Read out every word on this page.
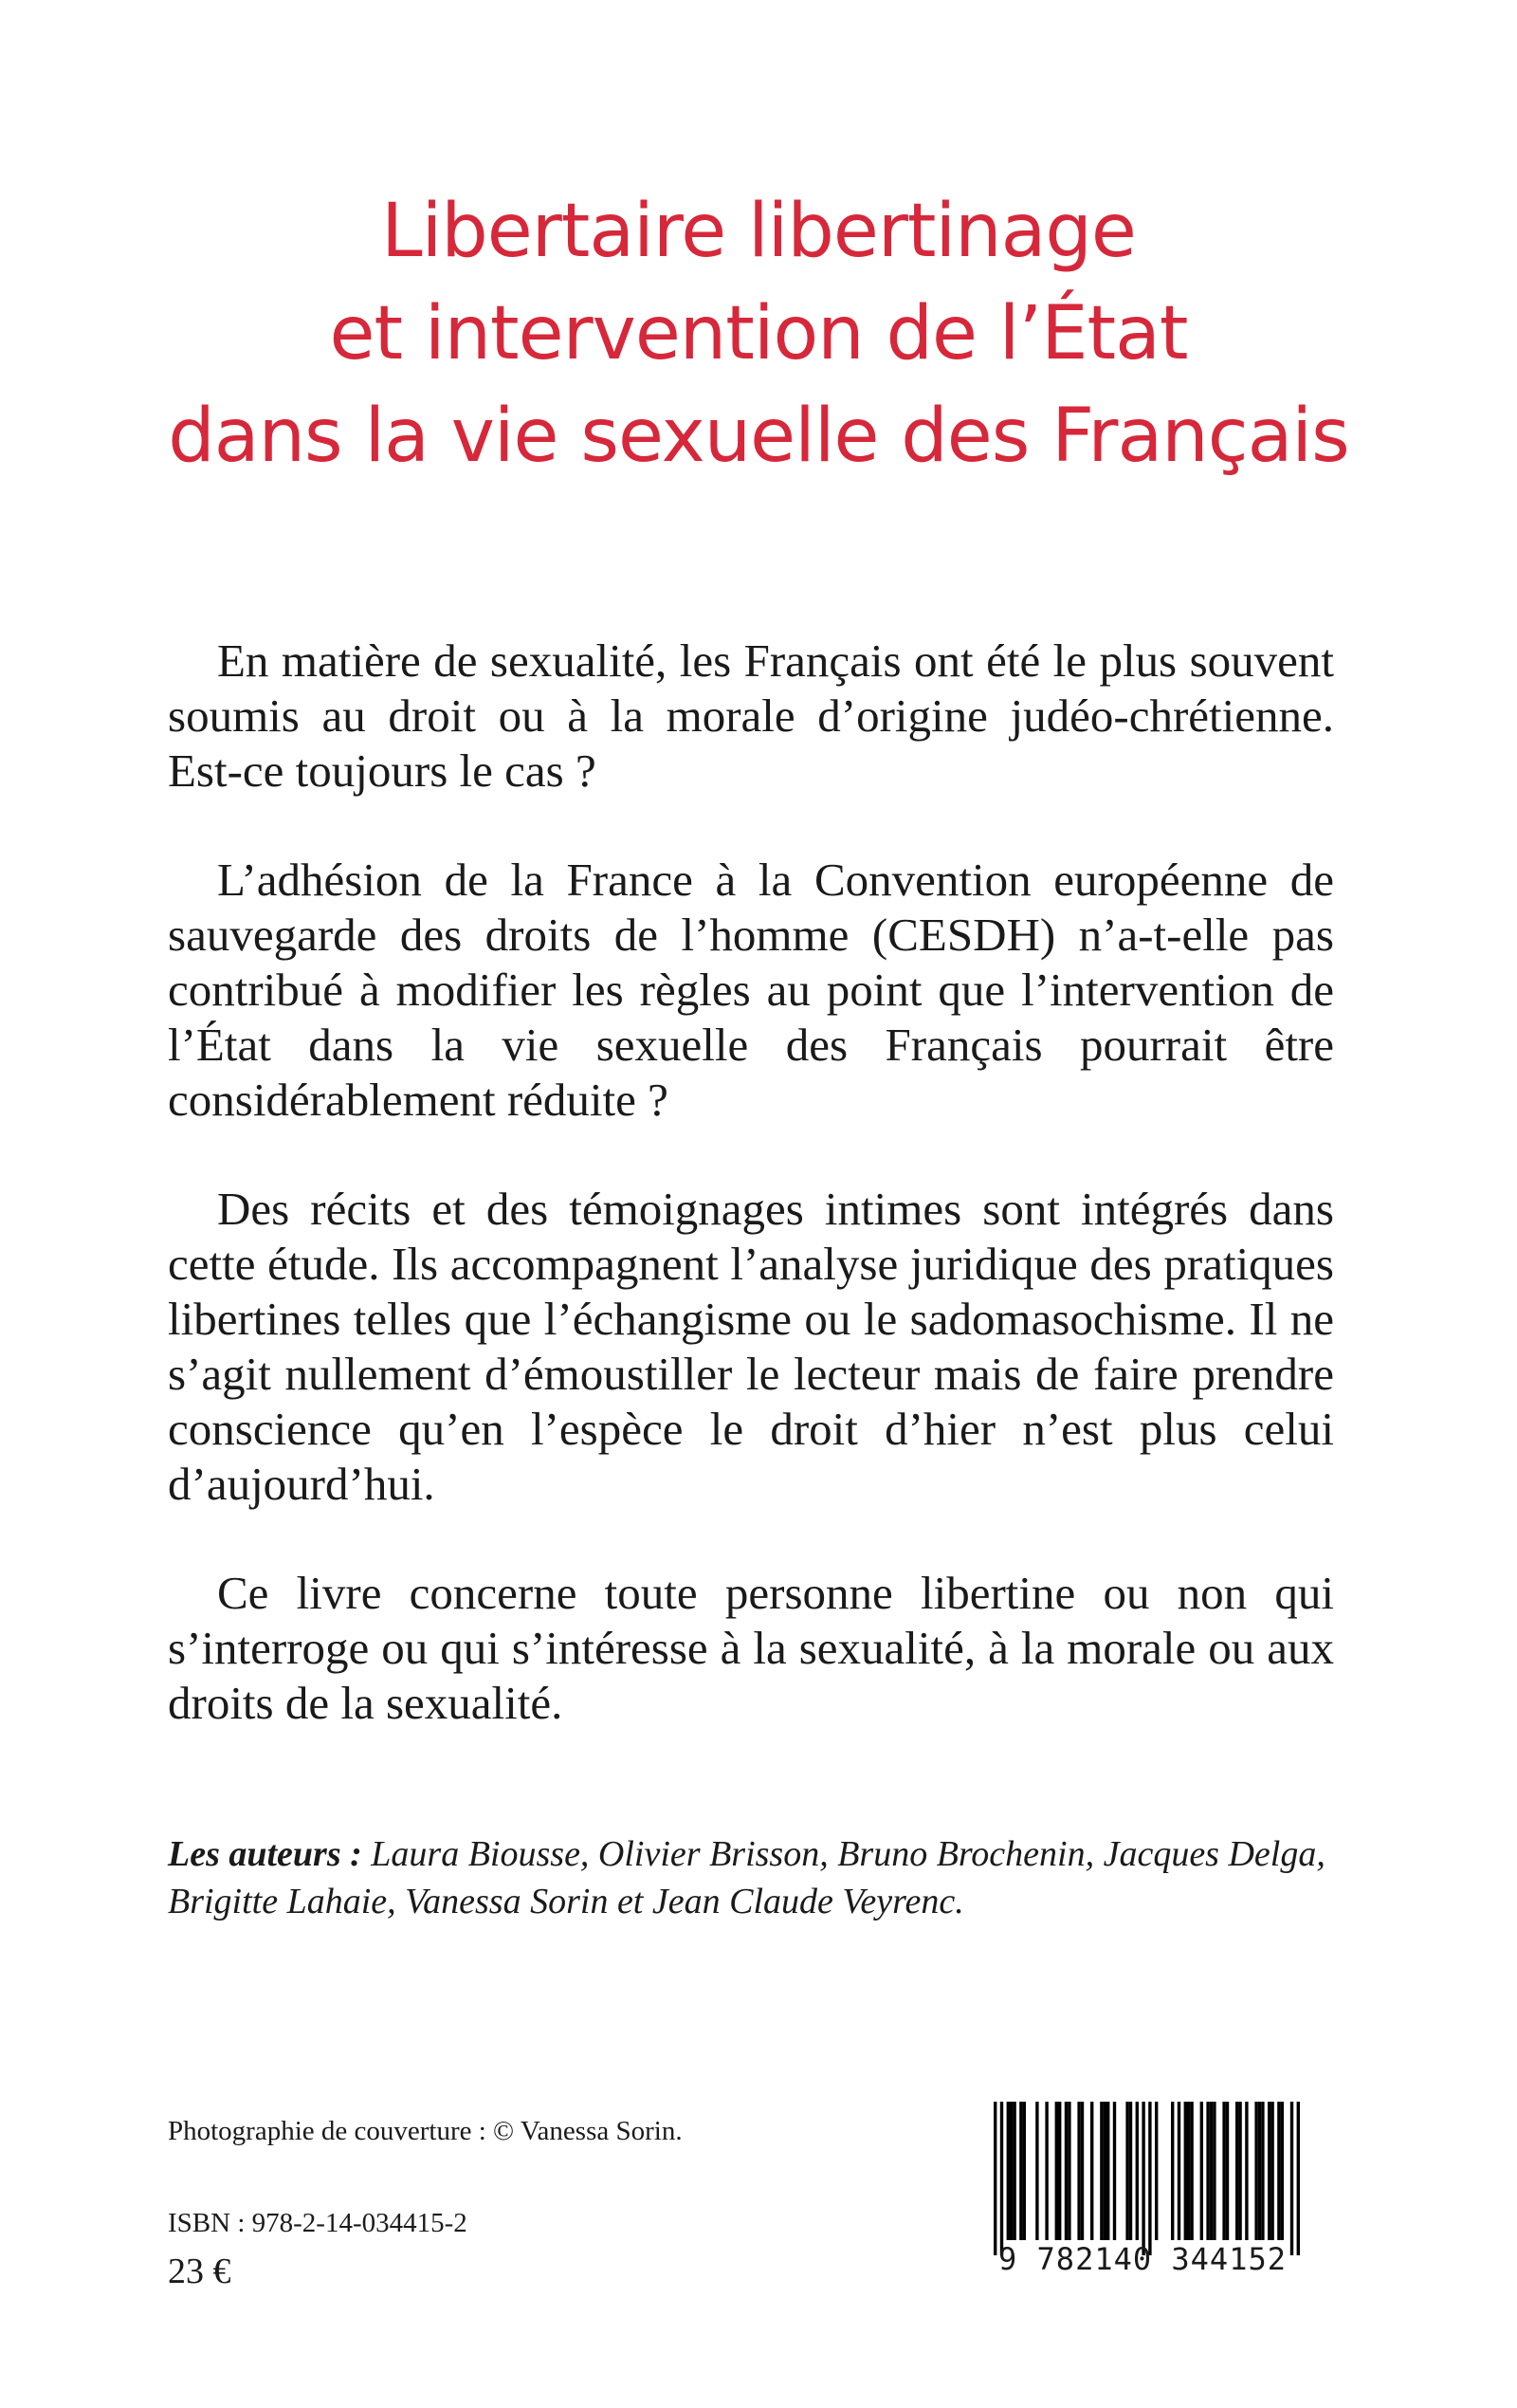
Libertaire libertinage
et intervention de l’État
dans la vie sexuelle des Français

En matière de sexualité, les Français ont été le plus souvent soumis au droit ou à la morale d’origine judéo-chrétienne. Est-ce toujours le cas ?

L’adhésion de la France à la Convention européenne de sauvegarde des droits de l’homme (CESDH) n’a-t-elle pas contribué à modifier les règles au point que l’intervention de l’État dans la vie sexuelle des Français pourrait être considérablement réduite ?

Des récits et des témoignages intimes sont intégrés dans cette étude. Ils accompagnent l’analyse juridique des pratiques libertines telles que l’échangisme ou le sadomasochisme. Il ne s’agit nullement d’émoustiller le lecteur mais de faire prendre conscience qu’en l’espèce le droit d’hier n’est plus celui d’aujourd’hui.

Ce livre concerne toute personne libertine ou non qui s’interroge ou qui s’intéresse à la sexualité, à la morale ou aux droits de la sexualité.

Les auteurs : Laura Biousse, Olivier Brisson, Bruno Brochenin, Jacques Delga, Brigitte Lahaie, Vanessa Sorin et Jean Claude Veyrenc.
Photographie de couverture : © Vanessa Sorin.
ISBN : 978-2-14-034415-2
23 €	9 782140 344152
